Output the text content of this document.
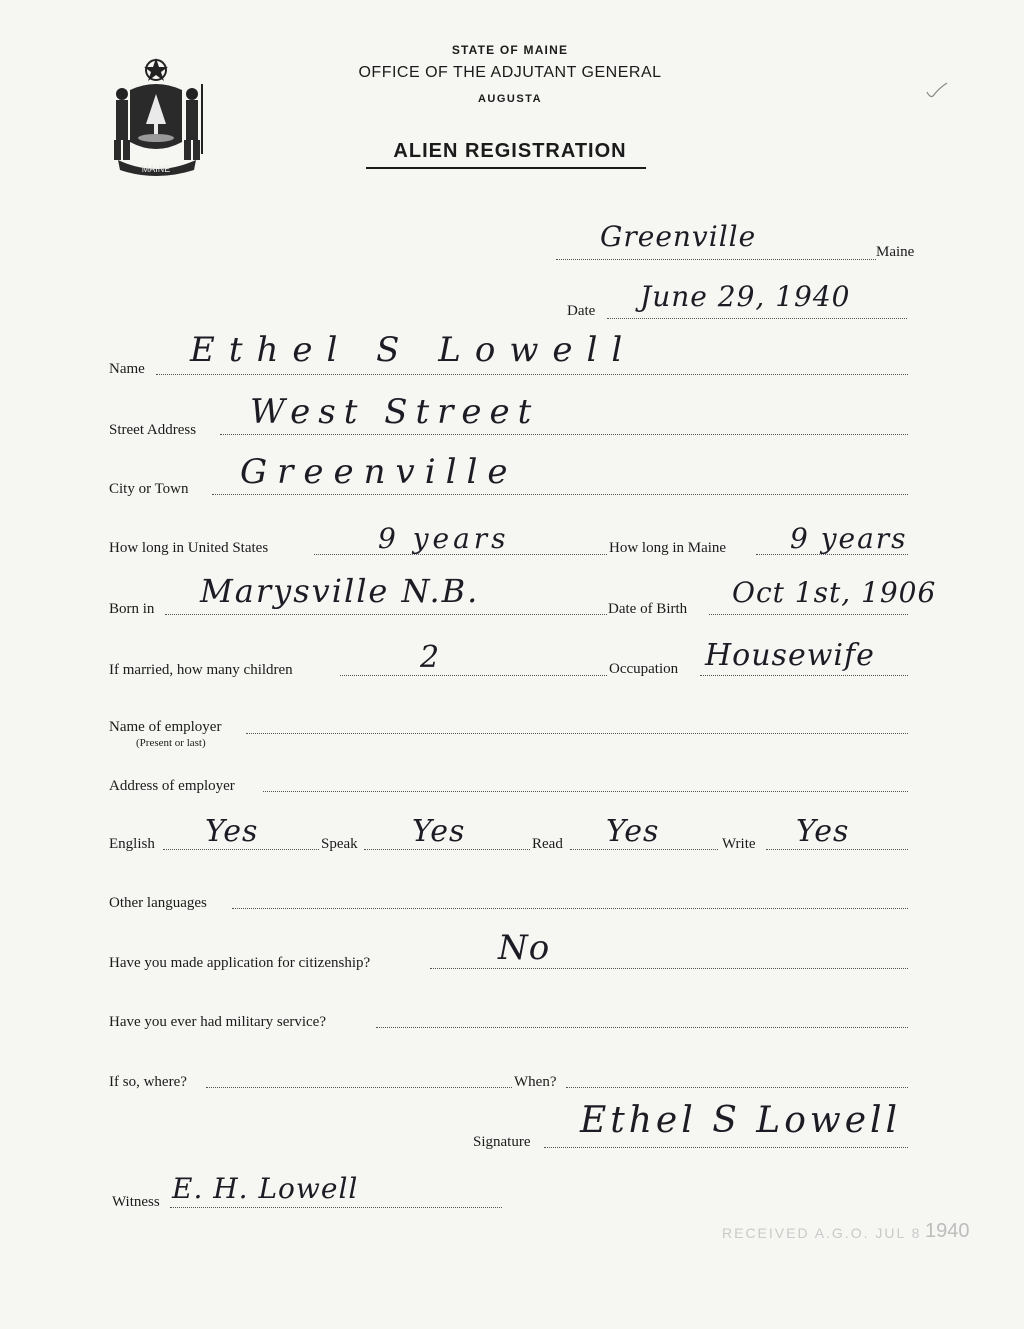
MAINE
STATE OF MAINE
OFFICE OF THE ADJUTANT GENERAL
AUGUSTA
ALIEN REGISTRATION
Greenville	Maine
Date June 29, 1940
Name Ethel S Lowell
Street Address West Street
City or Town Greenville
How long in United States	9 years	How long in Maine 9 years
Born in Marysville N.B.	Date of Birth Oct 1st, 1906
If married, how many children	2	Occupation Housewife
Name of employer
(Present or last)
Address of employer
English Yes	Speak Yes	Read Yes	Write Yes
Other languages
Have you made application for citizenship?	No
Have you ever had military service?
If so, where?	When?
Signature
Ethel S Lowell
Witness E. H. Lowell
RECEIVED A.G.O. JUL 8 1940
